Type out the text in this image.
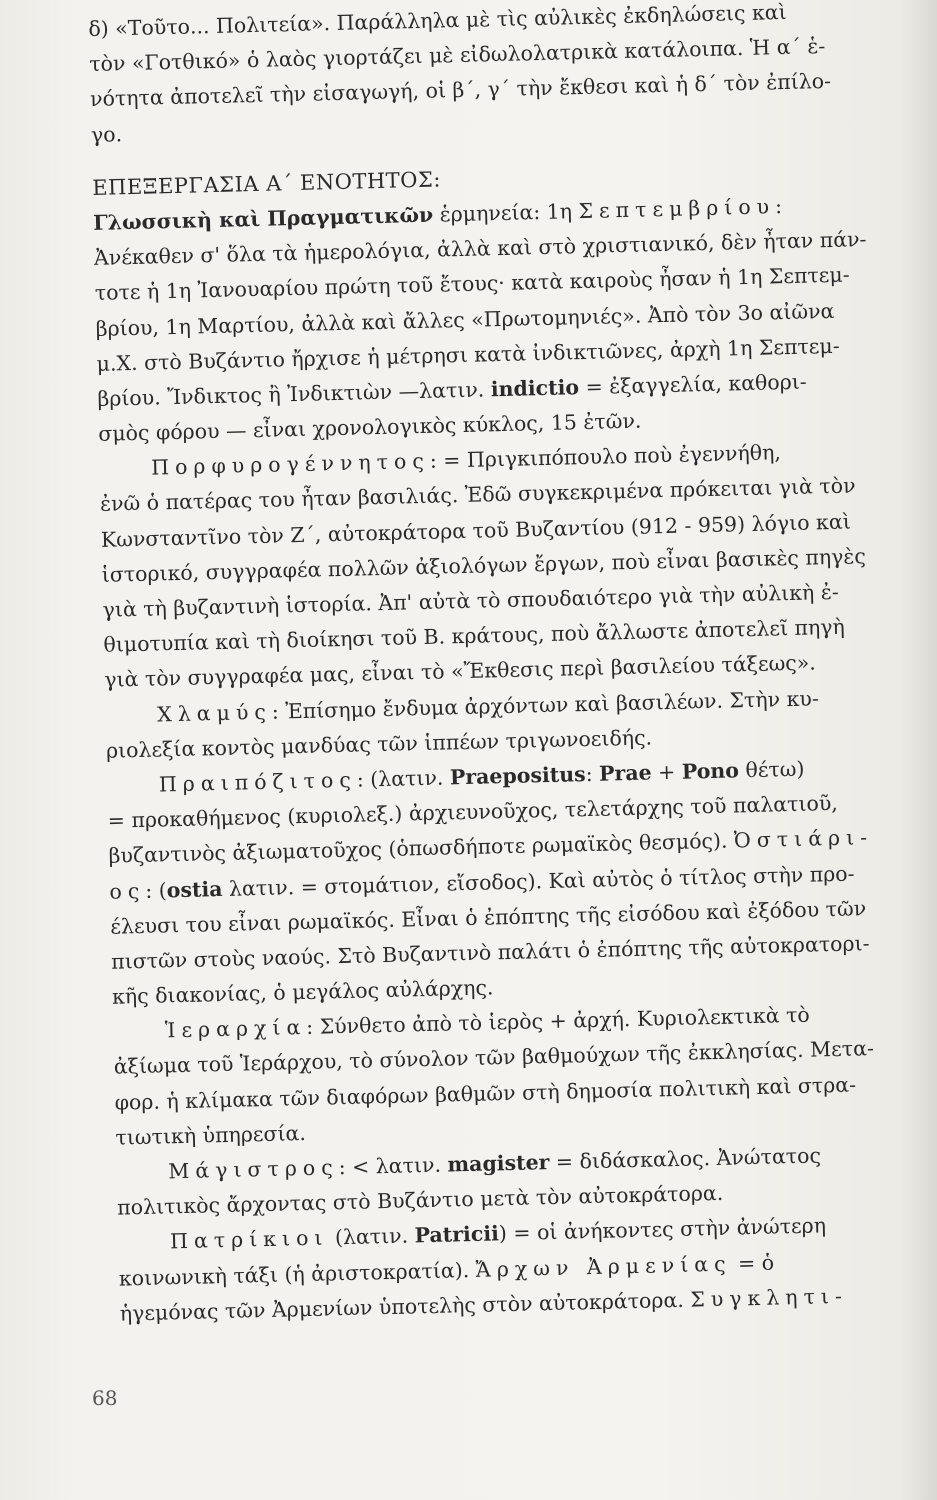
δ) «Τοῦτο... Πολιτεία». Παράλληλα μὲ τὶς αὐλικὲς ἐκδηλώσεις καὶ
τὸν «Γοτθικό» ὁ λαὸς γιορτάζει μὲ εἰδωλολατρικὰ κατάλοιπα. Ἡ α΄ ἑ-
νότητα ἀποτελεῖ τὴν εἰσαγωγή, οἱ β΄, γ΄ τὴν ἔκθεσι καὶ ἡ δ΄ τὸν ἐπίλο-
γο.
ΕΠΕΞΕΡΓΑΣΙΑ Α΄ ΕΝΟΤΗΤΟΣ:
Γλωσσικὴ καὶ Πραγματικῶν ἑρμηνεία: 1η Σεπτεμβρίου:
Ἀνέκαθεν σ' ὅλα τὰ ἡμερολόγια, ἀλλὰ καὶ στὸ χριστιανικό, δὲν ἦταν πάν-
τοτε ἡ 1η Ἰανουαρίου πρώτη τοῦ ἔτους· κατὰ καιροὺς ἦσαν ἡ 1η Σεπτεμ-
βρίου, 1η Μαρτίου, ἀλλὰ καὶ ἄλλες «Πρωτομηνιές». Ἀπὸ τὸν 3ο αἰῶνα
μ.Χ. στὸ Βυζάντιο ἤρχισε ἡ μέτρησι κατὰ ἰνδικτιῶνες, ἀρχὴ 1η Σεπτεμ-
βρίου. Ἴνδικτος ἢ Ἰνδικτιὼν —λατιν. indictio = ἐξαγγελία, καθορι-
σμὸς φόρου — εἶναι χρονολογικὸς κύκλος, 15 ἐτῶν.
Πορφυρογέννητος: = Πριγκιπόπουλο ποὺ ἐγεννήθη,
ἐνῶ ὁ πατέρας του ἦταν βασιλιάς. Ἐδῶ συγκεκριμένα πρόκειται γιὰ τὸν
Κωνσταντῖνο τὸν Ζ΄, αὐτοκράτορα τοῦ Βυζαντίου (912 - 959) λόγιο καὶ
ἱστορικό, συγγραφέα πολλῶν ἀξιολόγων ἔργων, ποὺ εἶναι βασικὲς πηγὲς
γιὰ τὴ βυζαντινὴ ἱστορία. Ἀπ' αὐτὰ τὸ σπουδαιότερο γιὰ τὴν αὐλικὴ ἐ-
θιμοτυπία καὶ τὴ διοίκησι τοῦ Β. κράτους, ποὺ ἄλλωστε ἀποτελεῖ πηγὴ
γιὰ τὸν συγγραφέα μας, εἶναι τὸ «Ἔκθεσις περὶ βασιλείου τάξεως».
Χλαμύς: Ἐπίσημο ἔνδυμα ἀρχόντων καὶ βασιλέων. Στὴν κυ-
ριολεξία κοντὸς μανδύας τῶν ἱππέων τριγωνοειδής.
Πραιπόζιτος: (λατιν. Praepositus: Prae + Pono θέτω)
= προκαθήμενος (κυριολεξ.) ἀρχιευνοῦχος, τελετάρχης τοῦ παλατιοῦ,
βυζαντινὸς ἀξιωματοῦχος (ὁπωσδήποτε ρωμαϊκὸς θεσμός). Ὀστιάρι-
ος: (ostia λατιν. = στομάτιον, εἴσοδος). Καὶ αὐτὸς ὁ τίτλος στὴν προ-
έλευσι του εἶναι ρωμαϊκός. Εἶναι ὁ ἐπόπτης τῆς εἰσόδου καὶ ἐξόδου τῶν
πιστῶν στοὺς ναούς. Στὸ Βυζαντινὸ παλάτι ὁ ἐπόπτης τῆς αὐτοκρατορι-
κῆς διακονίας, ὁ μεγάλος αὐλάρχης.
Ἱεραρχία: Σύνθετο ἀπὸ τὸ ἱερὸς + ἀρχή. Κυριολεκτικὰ τὸ
ἀξίωμα τοῦ Ἱεράρχου, τὸ σύνολον τῶν βαθμούχων τῆς ἐκκλησίας. Μετα-
φορ. ἡ κλίμακα τῶν διαφόρων βαθμῶν στὴ δημοσία πολιτικὴ καὶ στρα-
τιωτικὴ ὑπηρεσία.
Μάγιστρος: < λατιν. magister = διδάσκαλος. Ἀνώτατος
πολιτικὸς ἄρχοντας στὸ Βυζάντιο μετὰ τὸν αὐτοκράτορα.
Πατρίκιοι (λατιν. Patricii) = οἱ ἀνήκοντες στὴν ἀνώτερη
κοινωνικὴ τάξι (ἡ ἀριστοκρατία). Ἄρχων Ἀρμενίας = ὁ
ἡγεμόνας τῶν Ἀρμενίων ὑποτελὴς στὸν αὐτοκράτορα. Συγκλητι-
68
